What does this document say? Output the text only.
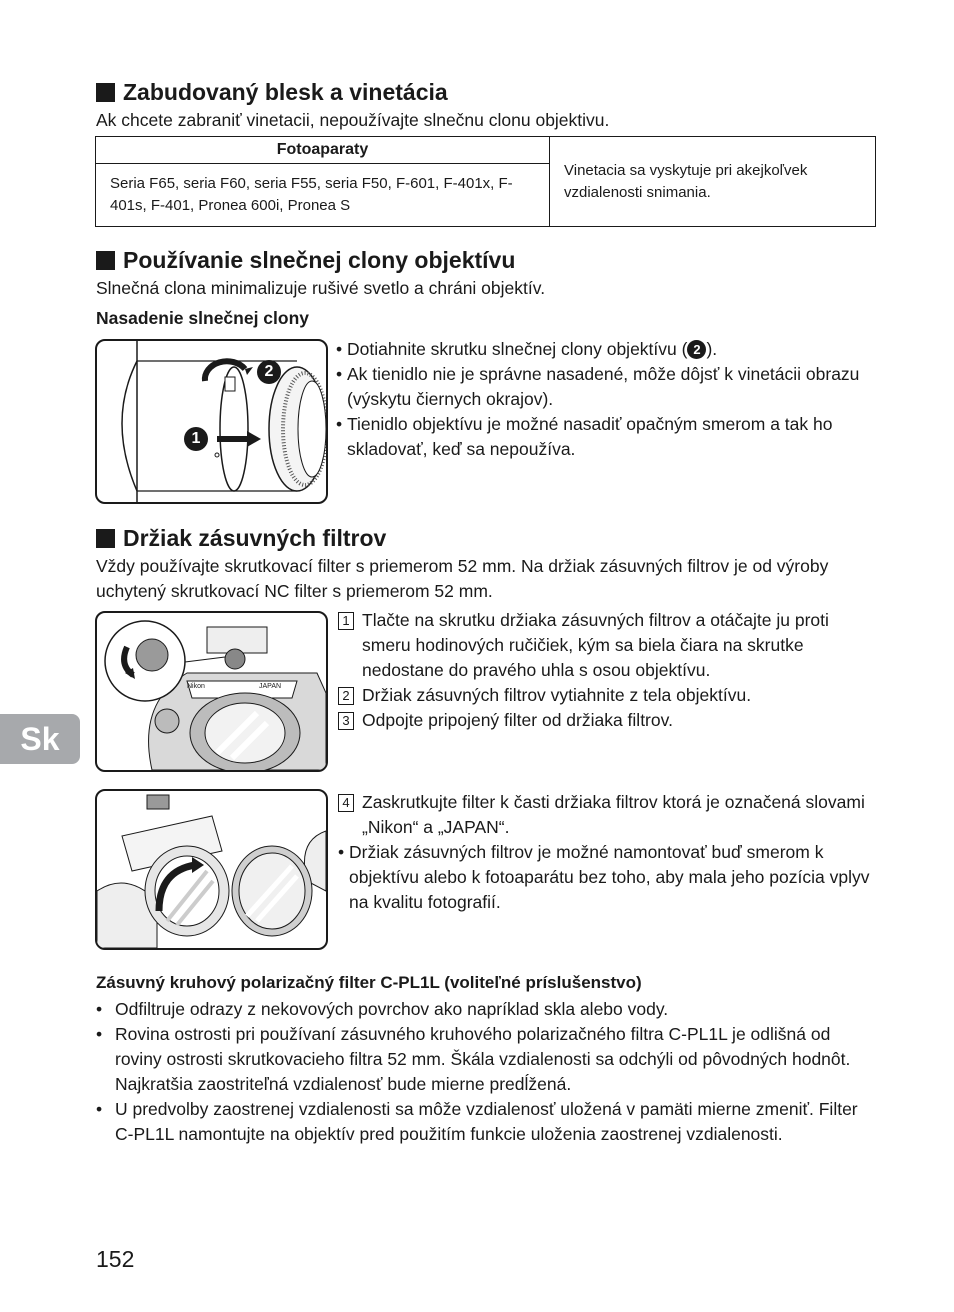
Zabudovaný blesk a vinetácia
Ak chcete zabraniť vinetacii, nepoužívajte slnečnu clonu objektivu.
Fotoaparaty	Vinetacia sa vyskytuje pri akejkoľvek vzdialenosti snimania.
Seria F65, seria F60, seria F55, seria F50, F-601, F-401x, F-401s, F-401, Pronea 600i, Pronea S
Používanie slnečnej clony objektívu
Slnečná clona minimalizuje rušivé svetlo a chráni objektív.
Nasadenie slnečnej clony
2
1
• Dotiahnite skrutku slnečnej clony objektívu ( 2 ).
• Ak tienidlo nie je správne nasadené, môže dôjsť k vinetácii obrazu (výskytu čiernych okrajov).
• Tienidlo objektívu je možné nasadiť opačným smerom a tak ho skladovať, keď sa nepoužíva.
Držiak zásuvných filtrov
Vždy používajte skrutkovací filter s priemerom 52 mm. Na držiak zásuvných filtrov je od výroby uchytený skrutkovací NC filter s priemerom 52 mm.
Nikon	JAPAN
1 Tlačte na skrutku držiaka zásuvných filtrov a otáčajte ju proti smeru hodinových ručičiek, kým sa biela čiara na skrutke nedostane do pravého uhla s osou objektívu.
2 Držiak zásuvných filtrov vytiahnite z tela objektívu.
3 Odpojte pripojený filter od držiaka filtrov.
4 Zaskrutkujte filter k časti držiaka filtrov ktorá je označená slovami „Nikon“ a „JAPAN“.
• Držiak zásuvných filtrov je možné namontovať buď smerom k objektívu alebo k fotoaparátu bez toho, aby mala jeho pozícia vplyv na kvalitu fotografií.
Zásuvný kruhový polarizačný filter C-PL1L (voliteľné príslušenstvo)
• Odfiltruje odrazy z nekovových povrchov ako napríklad skla alebo vody.
• Rovina ostrosti pri používaní zásuvného kruhového polarizačného filtra C-PL1L je odlišná od roviny ostrosti skrutkovacieho filtra 52 mm. Škála vzdialenosti sa odchýli od pôvodných hodnôt. Najkratšia zaostriteľná vzdialenosť bude mierne predĺžená.
• U predvolby zaostrenej vzdialenosti sa môže vzdialenosť uložená v pamäti mierne zmeniť. Filter C-PL1L namontujte na objektív pred použitím funkcie uloženia zaostrenej vzdialenosti.
Sk
152
